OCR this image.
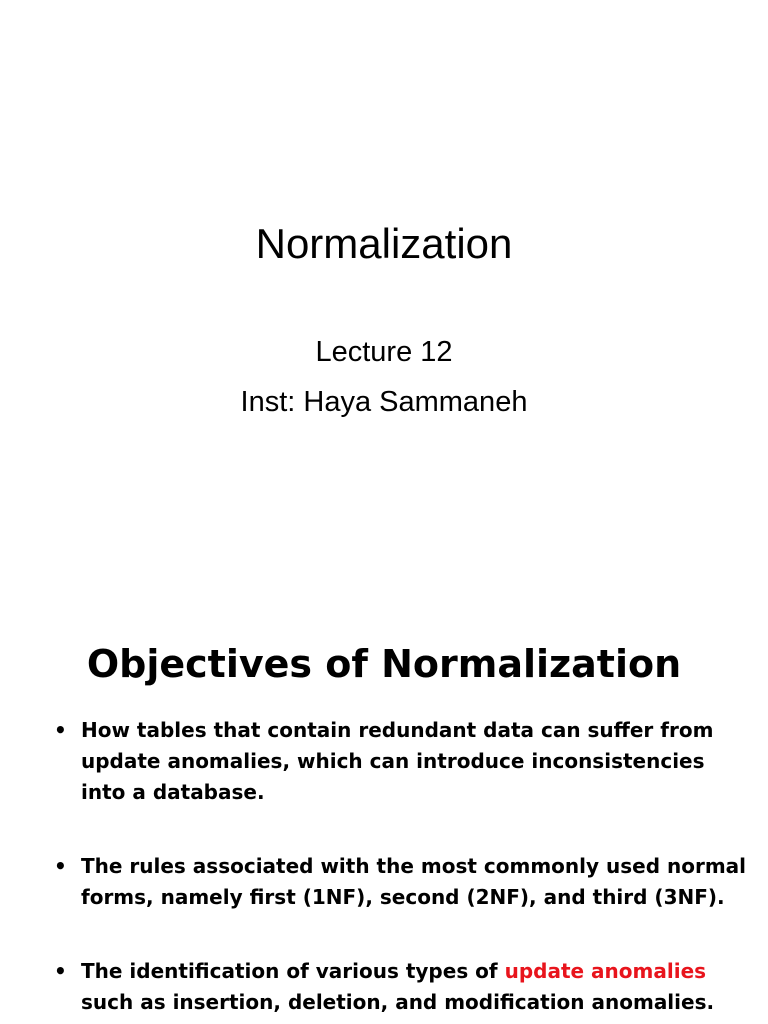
Normalization
Lecture 12
Inst: Haya Sammaneh
Objectives of Normalization
• How tables that contain redundant data can suffer from update anomalies, which can introduce inconsistencies into a database.
• The rules associated with the most commonly used normal forms, namely first (1NF), second (2NF), and third (3NF).
• The identification of various types of update anomalies such as insertion, deletion, and modification anomalies.
